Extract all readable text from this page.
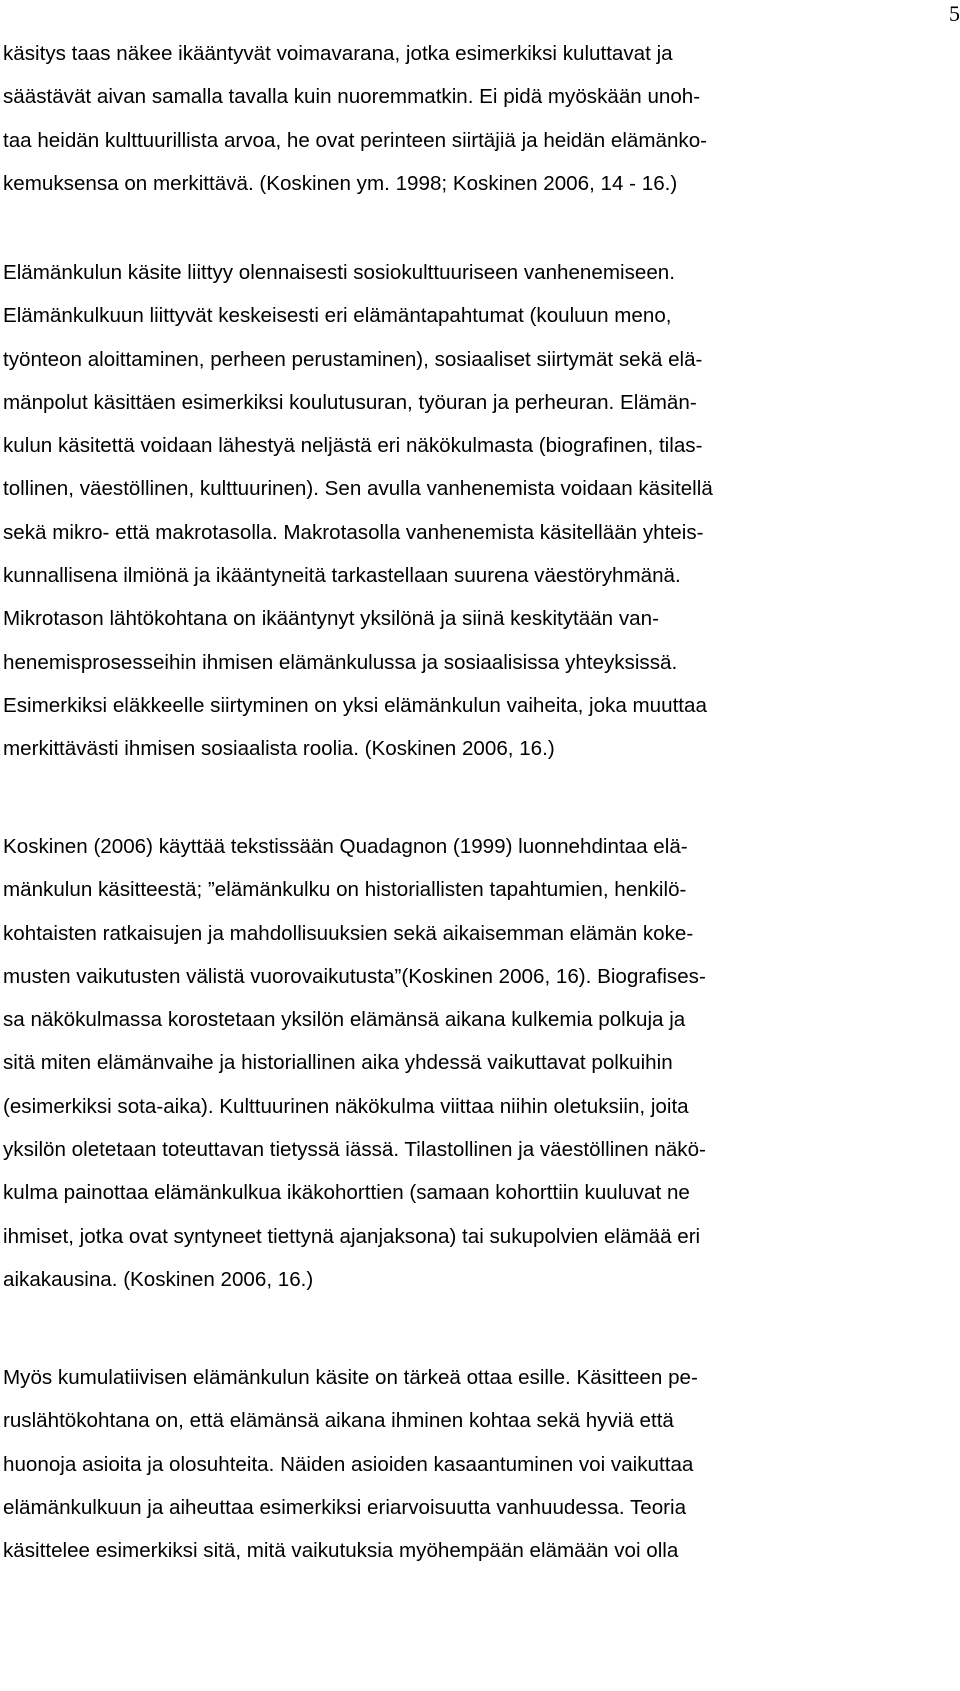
5
käsitys taas näkee ikääntyvät voimavarana, jotka esimerkiksi kuluttavat ja
säästävät aivan samalla tavalla kuin nuoremmatkin. Ei pidä myöskään unoh-
taa heidän kulttuurillista arvoa, he ovat perinteen siirtäjiä ja heidän elämänko-
kemuksensa on merkittävä. (Koskinen ym. 1998; Koskinen 2006, 14 - 16.)
Elämänkulun käsite liittyy olennaisesti sosiokulttuuriseen vanhenemiseen.
Elämänkulkuun liittyvät keskeisesti eri elämäntapahtumat (kouluun meno,
työnteon aloittaminen, perheen perustaminen), sosiaaliset siirtymät sekä elä-
mänpolut käsittäen esimerkiksi koulutusuran, työuran ja perheuran. Elämän-
kulun käsitettä voidaan lähestyä neljästä eri näkökulmasta (biografinen, tilas-
tollinen, väestöllinen, kulttuurinen). Sen avulla vanhenemista voidaan käsitellä
sekä mikro- että makrotasolla. Makrotasolla vanhenemista käsitellään yhteis-
kunnallisena ilmiönä ja ikääntyneitä tarkastellaan suurena väestöryhmänä.
Mikrotason lähtökohtana on ikääntynyt yksilönä ja siinä keskitytään van-
henemisprosesseihin ihmisen elämänkulussa ja sosiaalisissa yhteyksissä.
Esimerkiksi eläkkeelle siirtyminen on yksi elämänkulun vaiheita, joka muuttaa
merkittävästi ihmisen sosiaalista roolia. (Koskinen 2006, 16.)
Koskinen (2006) käyttää tekstissään Quadagnon (1999) luonnehdintaa elä-
mänkulun käsitteestä; ”elämänkulku on historiallisten tapahtumien, henkilö-
kohtaisten ratkaisujen ja mahdollisuuksien sekä aikaisemman elämän koke-
musten vaikutusten välistä vuorovaikutusta”(Koskinen 2006, 16). Biografises-
sa näkökulmassa korostetaan yksilön elämänsä aikana kulkemia polkuja ja
sitä miten elämänvaihe ja historiallinen aika yhdessä vaikuttavat polkuihin
(esimerkiksi sota-aika). Kulttuurinen näkökulma viittaa niihin oletuksiin, joita
yksilön oletetaan toteuttavan tietyssä iässä. Tilastollinen ja väestöllinen näkö-
kulma painottaa elämänkulkua ikäkohorttien (samaan kohorttiin kuuluvat ne
ihmiset, jotka ovat syntyneet tiettynä ajanjaksona) tai sukupolvien elämää eri
aikakausina. (Koskinen 2006, 16.)
Myös kumulatiivisen elämänkulun käsite on tärkeä ottaa esille. Käsitteen pe-
ruslähtökohtana on, että elämänsä aikana ihminen kohtaa sekä hyviä että
huonoja asioita ja olosuhteita. Näiden asioiden kasaantuminen voi vaikuttaa
elämänkulkuun ja aiheuttaa esimerkiksi eriarvoisuutta vanhuudessa. Teoria
käsittelee esimerkiksi sitä, mitä vaikutuksia myöhempään elämään voi olla
